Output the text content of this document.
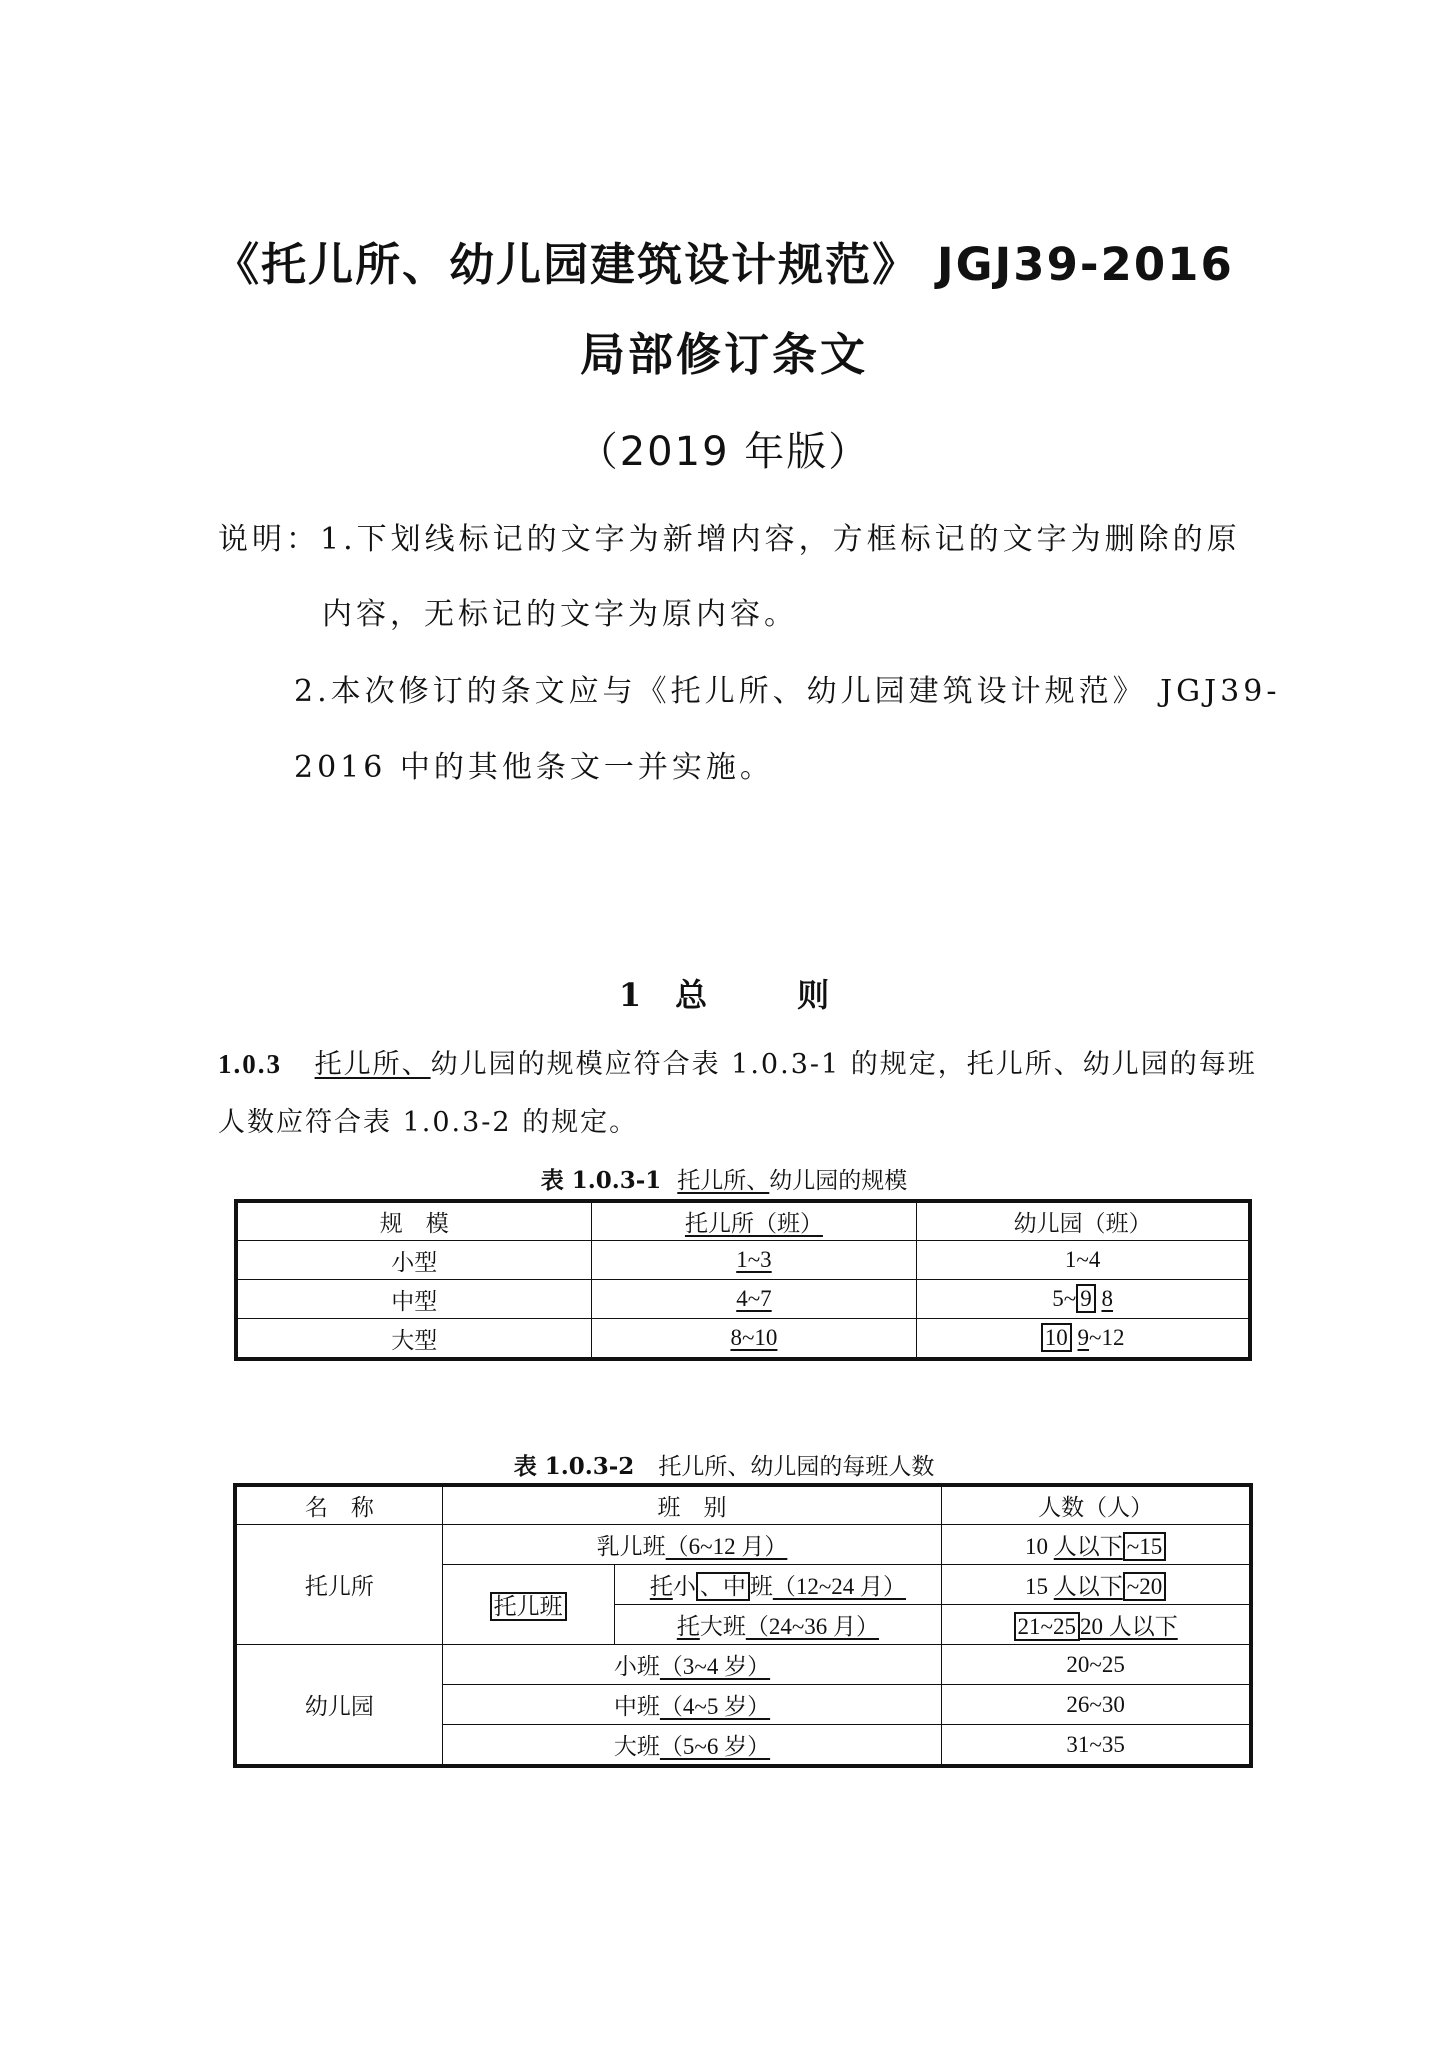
《托儿所、幼儿园建筑设计规范》 JGJ39-2016
局部修订条文
（2019 年版）
说明：1.下划线标记的文字为新增内容，方框标记的文字为删除的原
内容，无标记的文字为原内容。
2.本次修订的条文应与《托儿所、幼儿园建筑设计规范》 JGJ39-
2016 中的其他条文一并实施。
1 总	则
1.0.3 托儿所、幼儿园的规模应符合表 1.0.3-1 的规定，托儿所、幼儿园的每班
人数应符合表 1.0.3-2 的规定。
表 1.0.3-1 托儿所、幼儿园的规模
规　模	托儿所（班）	幼儿园（班）
小型	1~3	1~4
中型	4~7	5~ 9 8
大型	8~10	10 9~12
表 1.0.3-2 托儿所、幼儿园的每班人数
名　称	班　别		人数（人）
托儿所	乳儿班（6~12 月）		10 人以下 ~15
	托儿班	托小 、中 班（12~24 月）	15 人以下 ~20
		托大班（24~36 月）	21~25 20 人以下
幼儿园	小班（3~4 岁）		20~25
	中班（4~5 岁）		26~30
	大班（5~6 岁）		31~35
